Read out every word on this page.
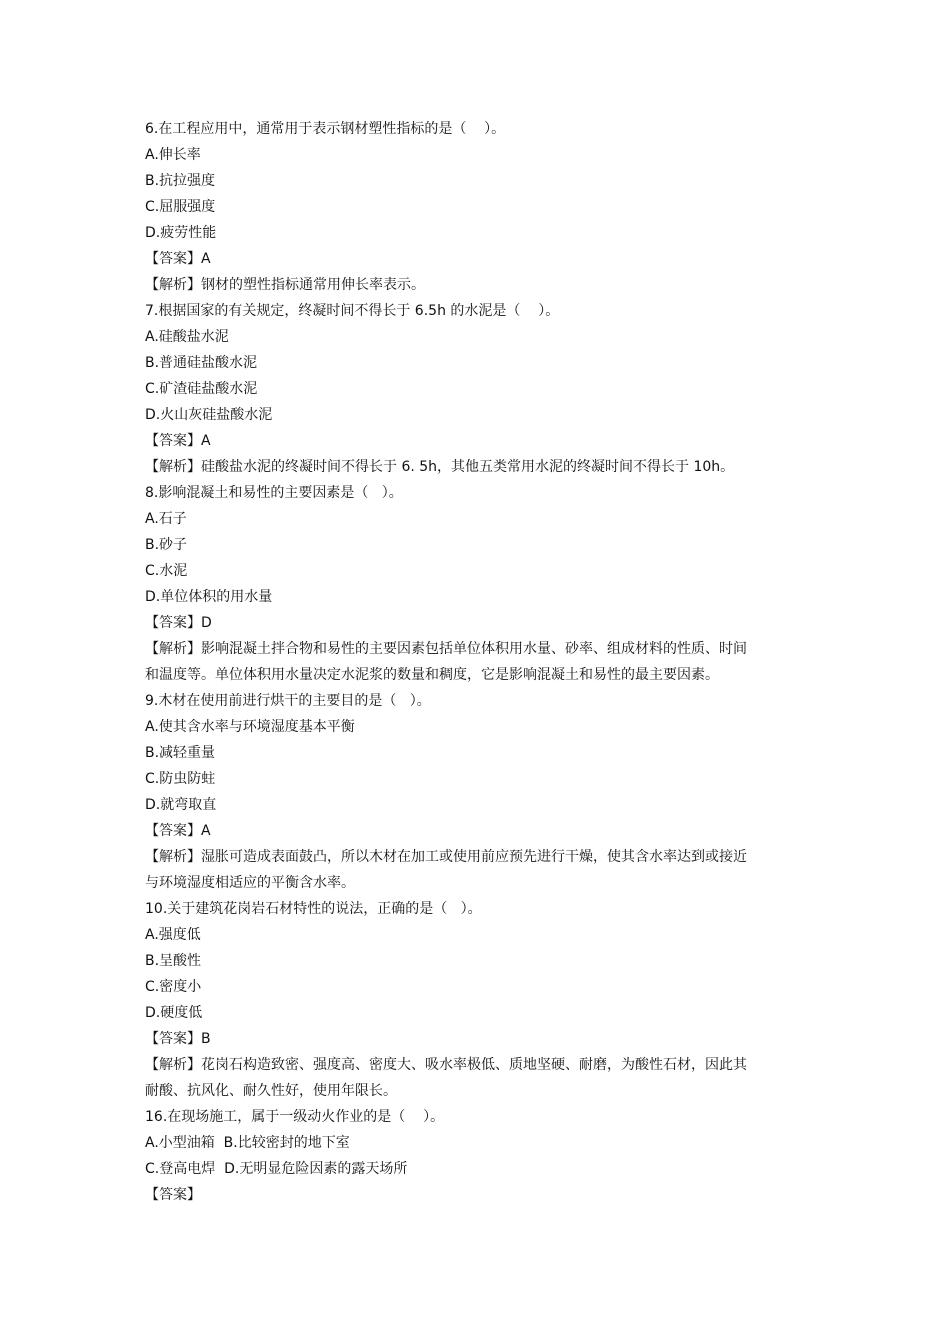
6.在工程应用中，通常用于表示钢材塑性指标的是（    ）。

A.伸长率

B.抗拉强度

C.屈服强度

D.疲劳性能

【答案】A

【解析】钢材的塑性指标通常用伸长率表示。

7.根据国家的有关规定，终凝时间不得长于 6.5h 的水泥是（    ）。

A.硅酸盐水泥

B.普通硅盐酸水泥

C.矿渣硅盐酸水泥

D.火山灰硅盐酸水泥

【答案】A

【解析】硅酸盐水泥的终凝时间不得长于 6. 5h，其他五类常用水泥的终凝时间不得长于 10h。

8.影响混凝土和易性的主要因素是（   ）。

A.石子

B.砂子

C.水泥

D.单位体积的用水量

【答案】D

【解析】影响混凝土拌合物和易性的主要因素包括单位体积用水量、砂率、组成材料的性质、时间

和温度等。单位体积用水量决定水泥浆的数量和稠度，它是影响混凝土和易性的最主要因素。

9.木材在使用前进行烘干的主要目的是（   ）。

A.使其含水率与环境湿度基本平衡

B.减轻重量

C.防虫防蛀

D.就弯取直

【答案】A

【解析】湿胀可造成表面鼓凸，所以木材在加工或使用前应预先进行干燥，使其含水率达到或接近

与环境湿度相适应的平衡含水率。

10.关于建筑花岗岩石材特性的说法，正确的是（   ）。

A.强度低

B.呈酸性

C.密度小

D.硬度低

【答案】B

【解析】花岗石构造致密、强度高、密度大、吸水率极低、质地坚硬、耐磨，为酸性石材，因此其

耐酸、抗风化、耐久性好，使用年限长。

16.在现场施工，属于一级动火作业的是（    ）。

A.小型油箱  B.比较密封的地下室

C.登高电焊  D.无明显危险因素的露天场所

【答案】
